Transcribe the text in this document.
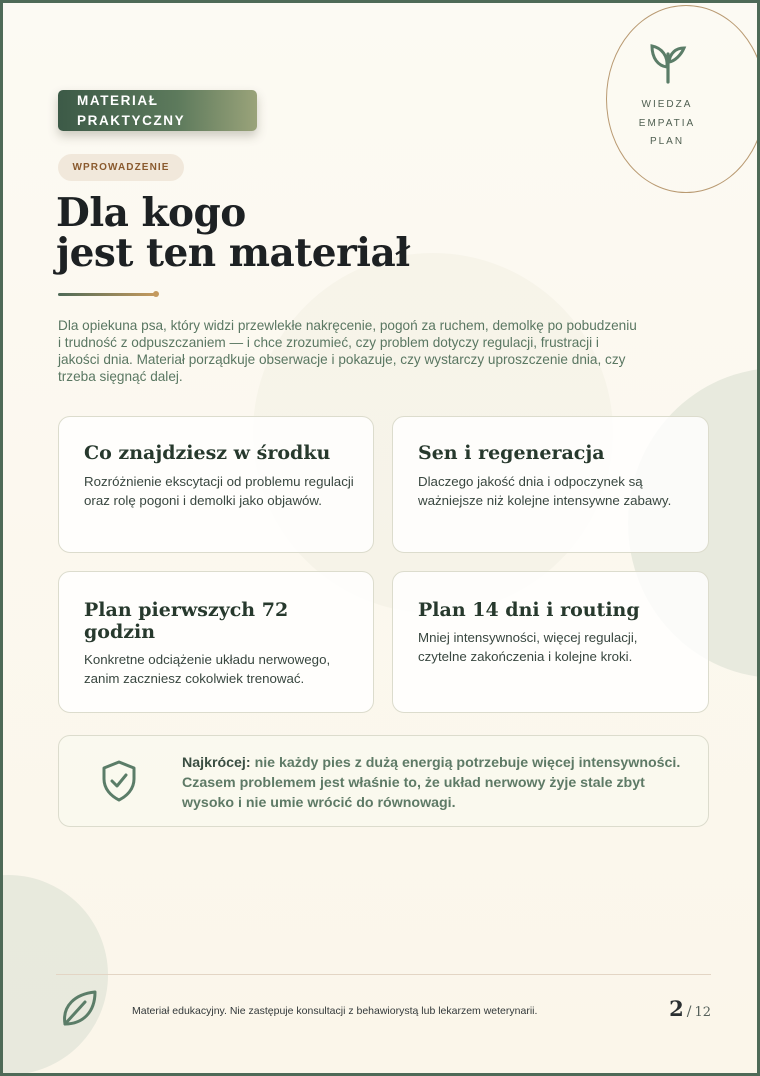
WIEDZA
EMPATIA
PLAN
MATERIAŁ
PRAKTYCZNY
WPROWADZENIE
Dla kogo
jest ten materiał

Dla opiekuna psa, który widzi przewlekłe nakręcenie, pogoń za ruchem, demolkę po pobudzeniu i trudność z odpuszczaniem — i chce zrozumieć, czy problem dotyczy regulacji, frustracji i jakości dnia. Materiał porządkuje obserwacje i pokazuje, czy wystarczy uproszczenie dnia, czy trzeba sięgnąć dalej.

Co znajdziesz w środku

Rozróżnienie ekscytacji od problemu regulacji oraz rolę pogoni i demolki jako objawów.

Sen i regeneracja

Dlaczego jakość dnia i odpoczynek są ważniejsze niż kolejne intensywne zabawy.

Plan pierwszych 72 godzin

Konkretne odciążenie układu nerwowego, zanim zaczniesz cokolwiek trenować.

Plan 14 dni i routing

Mniej intensywności, więcej regulacji, czytelne zakończenia i kolejne kroki.

Najkrócej: nie każdy pies z dużą energią potrzebuje więcej intensywności. Czasem problemem jest właśnie to, że układ nerwowy żyje stale zbyt wysoko i nie umie wrócić do równowagi.

Materiał edukacyjny. Nie zastępuje konsultacji z behawiorystą lub lekarzem weterynarii.	2 / 12
